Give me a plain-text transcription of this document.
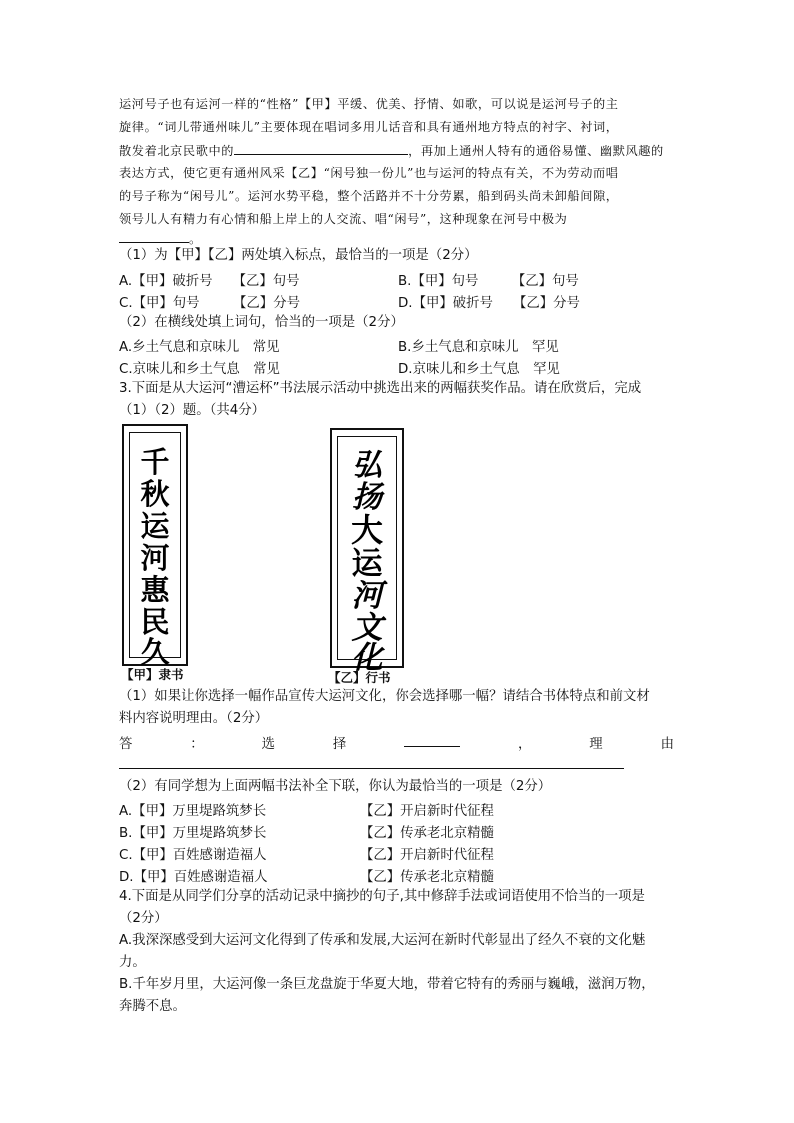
运河号子也有运河一样的“性格”【甲】平缓、优美、抒情、如歌，可以说是运河号子的主
旋律。“词儿带通州味儿”主要体现在唱词多用儿话音和具有通州地方特点的衬字、衬词，
散发着北京民歌中的	，再加上通州人特有的通俗易懂、幽默风趣的
表达方式，使它更有通州风采【乙】“闲号独一份儿”也与运河的特点有关，不为劳动而唱
的号子称为“闲号儿”。运河水势平稳，整个活路并不十分劳累，船到码头尚未卸船间隙，
领号儿人有精力有心情和船上岸上的人交流、唱“闲号”，这种现象在河号中极为
。
（1）为【甲】【乙】两处填入标点，最恰当的一项是（2分）
A.【甲】破折号　　【乙】句号	B.【甲】句号　　　【乙】句号
C.【甲】句号　　　【乙】分号	D.【甲】破折号　　【乙】分号
（2）在横线处填上词句，恰当的一项是（2分）
A.乡土气息和京味儿　常见	B.乡土气息和京味儿　罕见
C.京味儿和乡土气息　常见	D.京味儿和乡土气息　罕见
3.下面是从大运河“漕运杯”书法展示活动中挑选出来的两幅获奖作品。请在欣赏后，完成
（1）（2）题。（共4分）
千
秋
运
河
惠
民
久
【甲】隶书
弘
扬
大
运
河
文
化
【乙】行书
（1）如果让你选择一幅作品宣传大运河文化，你会选择哪一幅？请结合书体特点和前文材
料内容说明理由。（2分）
答	：	选	择	，	理	由
（2）有同学想为上面两幅书法补全下联，你认为最恰当的一项是（2分）
A.【甲】万里堤路筑梦长	【乙】开启新时代征程
B.【甲】万里堤路筑梦长	【乙】传承老北京精髓
C.【甲】百姓感谢造福人	【乙】开启新时代征程
D.【甲】百姓感谢造福人	【乙】传承老北京精髓
4.下面是从同学们分享的活动记录中摘抄的句子,其中修辞手法或词语使用不恰当的一项是
（2分）
A.我深深感受到大运河文化得到了传承和发展,大运河在新时代彰显出了经久不衰的文化魅
力。
B.千年岁月里，大运河像一条巨龙盘旋于华夏大地，带着它特有的秀丽与巍峨，滋润万物，
奔腾不息。
